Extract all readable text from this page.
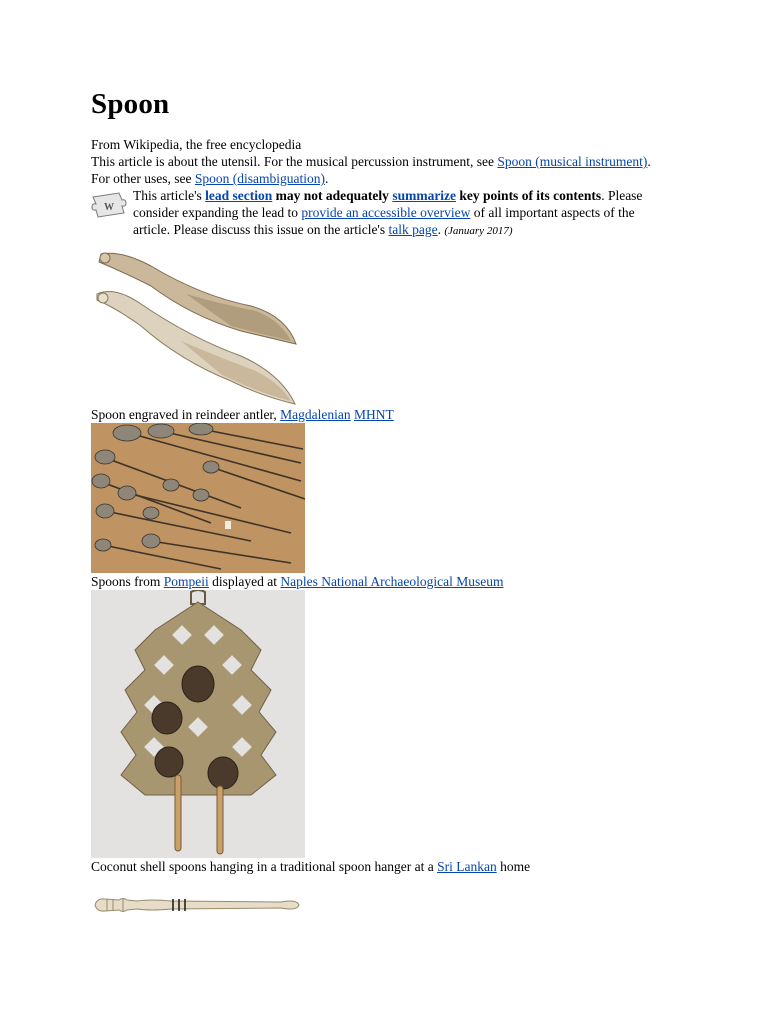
Spoon
From Wikipedia, the free encyclopedia
This article is about the utensil. For the musical percussion instrument, see Spoon (musical instrument). For other uses, see Spoon (disambiguation).
W
This article's lead section may not adequately summarize key points of its contents. Please consider expanding the lead to provide an accessible overview of all important aspects of the article. Please discuss this issue on the article's talk page. (January 2017)

Spoon engraved in reindeer antler, Magdalenian MHNT

Spoons from Pompeii displayed at Naples National Archaeological Museum

Coconut shell spoons hanging in a traditional spoon hanger at a Sri Lankan home
